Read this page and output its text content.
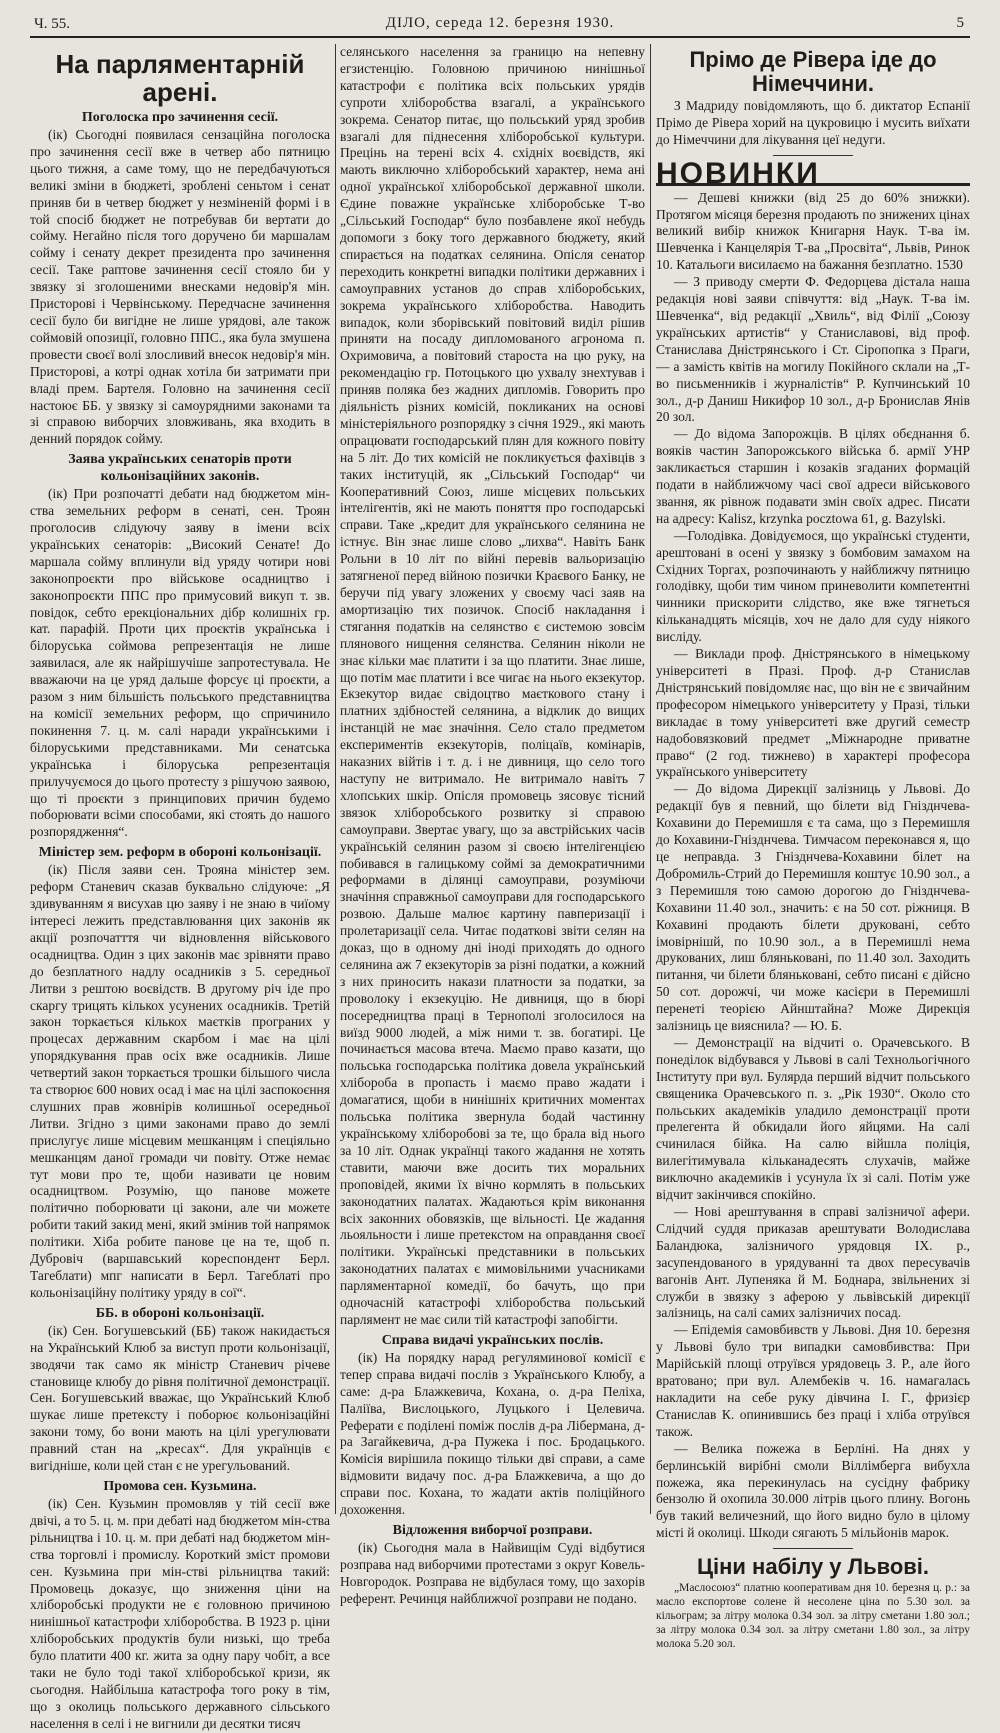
Ч. 55.	ДІЛО, середа 12. березня 1930.	5
На парляментарній арені.
Поголоска про зачинення сесії.

(ік) Сьогодні появилася сензаційна поголоска про зачинення сесії вже в четвер або пятницю цього тижня, а саме тому, що не передбачуються великі зміни в бюджеті, зроблені сеньтом і сенат приняв би в четвер бюджет у незміненій формі і в той спосіб бюджет не потребував би вертати до сойму. Негайно після того доручено би маршалам сойму і сенату декрет президента про зачинення сесії. Таке раптове зачинення сесії стояло би у звязку зі зголошеними внесками недовір'я мін. Присторові і Червінському. Передчасне зачинення сесії було би вигідне не лише урядові, але також соймовій опозиції, головно ППС., яка була змушена провести своєї волі злосливий внесок недовір'я мін. Присторові, а котрі однак хотіла би затримати при владі прем. Бартеля. Головно на зачинення сесії настоює ББ. у звязку зі самоурядними законами та зі справою виборчих зловживань, яка входить в денний порядок сойму.

Заява українських сенаторів проти кольонізаційних законів.

(ік) При розпочатті дебати над бюджетом мін-ства земельних реформ в сенаті, сен. Троян проголосив слідуючу заяву в імени всіх українських сенаторів: „Високий Сенате! До маршала сойму вплинули від уряду чотири нові законопроєкти про військове осадництво і законопроєкти ППС про примусовий викуп т. зв. повідок, себто ерекціональних дібр колишніх гр. кат. парафій. Проти цих проєктів українська і білоруська соймова репрезентація не лише заявилася, але як найрішучіше запротестувала. Не вважаючи на це уряд дальше форсує ці проєкти, а разом з ним більшість польського представництва на комісії земельних реформ, що спричинило покинення 7. ц. м. салі наради українськими і білоруськими представниками. Ми сенатська українська і білоруська репрезентація прилучуємося до цього протесту з рішучою заявою, що ті проєкти з принципових причин будемо поборювати всіми способами, які стоять до нашого розпорядження“.

Міністер зем. реформ в обороні кольонізації.

(ік) Після заяви сен. Трояна міністер зем. реформ Станевич сказав буквально слідуюче: „Я здивуванням я висухав цю заяву і не знаю в чиїому інтересі лежить представлювання цих законів як акції розпочатття чи відновлення військового осадництва. Один з цих законів має зрівняти право до безплатного надлу осадників з 5. середньої Литви з рештою воєвідств. В другому річ іде про скаргу трицять кількох усунених осадників. Третій закон торкається кількох маєтків програних у процесах державним скарбом і має на цілі упорядкування прав осіх вже осадників. Лише четвертий закон торкається трошки більшого числа та створює 600 нових осад і має на цілі заспокоєння слушних прав жовнірів колишньої осередньої Литви. Згідно з цими законами право до землі прислугує лише місцевим мешканцям і спеціяльно мешканцям даної громади чи повіту. Отже немає тут мови про те, щоби називати це новим осадництвом. Розумію, що панове можете політично поборювати ці закони, але чи можете робити такий закид мені, який змінив той напрямок політики. Хіба робите панове це на те, щоб п. Дубровіч (варшавський кореспондент Берл. Тагеблати) мпг написати в Берл. Тагеблаті про кольонізаційну політику уряду в сої“.

ББ. в обороні кольонізації.

(ік) Сен. Богушевський (ББ) також накидається на Український Клюб за виступ проти кольонізації, зводячи так само як міністр Станевич річеве становище клюбу до рівня політичної демонстрації. Сен. Богушевський вважає, що Український Клюб шукає лише претексту і поборює кольонізаційні закони тому, бо вони мають на цілі урегулювати правний стан на „кресах“. Для українців є вигідніше, коли цей стан є не урегульований.

Промова сен. Кузьмина.

(ік) Сен. Кузьмин промовляв у тій сесії вже двічі, а то 5. ц. м. при дебаті над бюджетом мін-ства рільництва і 10. ц. м. при дебаті над бюджетом мін-ства торговлі і промислу. Короткий зміст промови сен. Кузьмина при мін-стві рільництва такий: Промовець доказує, що зниження ціни на хліборобські продукти не є головною причиною нинішньої катастрофи хліборобства. В 1923 р. ціни хліборобських продуктів були низькі, що треба було платити 400 кг. жита за одну пару чобіт, а все таки не було тоді такої хліборобської кризи, як сьогодня. Найбільша катастрофа того року в тім, що з околиць польського державного сільського населення в селі і не вигнили ди десятки тисяч

селянського населення за границю на непевну егзистенцію. Головною причиною нинішньої катастрофи є політика всіх польських урядів супроти хліборобства взагалі, а українського зокрема. Сенатор питає, що польський уряд зробив взагалі для піднесення хліборобської культури. Прецінь на терені всіх 4. східніх воєвідств, які мають виключно хліборобський характер, нема ані одної української хліборобської державної школи. Єдине поважне українське хліборобське Т-во „Сільський Господар“ було позбавлене якої небудь допомоги з боку того державного бюджету, який спирається на податках селянина. Опісля сенатор переходить конкретні випадки політики державних і самоуправних установ до справ хліборобських, зокрема українського хліборобства. Наводить випадок, коли зборівський повітовий виділ рішив приняти на посаду дипломованого агронома п. Охримовича, а повітовий староста на цю руку, на рекомендацію гр. Потоцького цю ухвалу знехтував і приняв поляка без жадних дипломів. Говорить про діяльність різних комісій, покликаних на основі міністеріяльного розпорядку з січня 1929., які мають опрацювати господарський плян для кожного повіту на 5 літ. До тих комісій не покликується фахівців з таких інституцій, як „Сільський Господар“ чи Кооперативний Союз, лише місцевих польських інтелігентів, які не мають поняття про господарські справи. Таке „кредит для українського селянина не істнує. Він знає лише слово „лихва“. Навіть Банк Рольни в 10 літ по війні перевів вальоризацію затягненої перед війною позички Краєвого Банку, не беручи під увагу зложених у своєму часі заяв на амортизацію тих позичок. Спосіб накладання і стягання податків на селянство є системою зовсім плянового нищення селянства. Селянин ніколи не знає кільки має платити і за що платити. Знає лише, що потім має платити і все чигає на нього екзекутор. Екзекутор видає свідоцтво маєткового стану і платних здібностей селянина, а відклик до вищих інстанцій не має значіння. Село стало предметом експериментів екзекуторів, поліцаїв, комінарів, наказних війтів і т. д. і не дивниця, що село того наступу не витримало. Не витримало навіть 7 хлопських шкір. Опісля промовець зясовує тісний звязок хліборобського розвитку зі справою самоуправи. Звертає увагу, що за австрійських часів українській селянин разом зі своєю інтелігенцією побивався в галицькому соймі за демократичними реформами в ділянці самоуправи, розуміючи значіння справжньої самоуправи для господарського розвою. Дальше малює картину павперизації і пролетаризації села. Читає податкові звіти селян на доказ, що в одному дні іноді приходять до одного селянина аж 7 екзекуторів за різні податки, а кожний з них приносить накази платности за податки, за проволоку і екзекуцію. Не дивниця, що в бюрі посередництва праці в Тернополі зголосилося на виїзд 9000 людей, а між ними т. зв. богатирі. Це починається масова втеча. Маємо право казати, що польська господарська політика довела український хлібороба в пропасть і маємо право жадати і домагатися, щоби в нинішніх критичних моментах польська політика звернула бодай частинну українському хліборобові за те, що брала від нього за 10 літ. Однак українці такого жадання не хотять ставити, маючи вже досить тих моральних проповідей, якими їх вічно кормлять в польських законодатних палатах. Жадаються крім виконання всіх законних обовязків, ще вільності. Це жадання льояльности і лише претекстом на оправдання своєї політики. Українські представники в польських законодатних палатах є мимовільними учасниками парляментарної комедії, бо бачуть, що при одночасній катастрофі хліборобства польський парлямент не має сили тій катастрофі запобігти.

Справа видачі українських послів.

(ік) На порядку нарад регуляминової комісії є тепер справа видачі послів з Українського Клюбу, а саме: д-ра Блажкевича, Кохана, о. д-ра Пеліха, Паліїва, Вислоцького, Луцького і Целевича. Реферати є поділені поміж послів д-ра Лібермана, д-ра Загайкевича, д-ра Пужека і пос. Бродацького. Комісія вирішила покищо тільки дві справи, а саме відмовити видачу пос. д-ра Блажкевича, а що до справи пос. Кохана, то жадати актів поліційного дохоження.

Відложення виборчої розправи.

(ік) Сьогодня мала в Найвищім Суді відбутися розправа над виборчими протестами з округ Ковель-Новгородок. Розправа не відбулася тому, що захорів референт. Речинця найближчої розправи не подано.

Прімо де Рівера іде до Німеччини.

З Мадриду повідомляють, що б. диктатор Еспанії Прімо де Рівера хорий на цукровицю і мусить виїхати до Німеччини для лікування цеї недуги.

НОВИНКИ

— Дешеві книжки (від 25 до 60% знижки). Протягом місяця березня продають по знижених цінах великий вибір книжок Книгарня Наук. Т-ва ім. Шевченка і Канцелярія Т-ва „Просвіта“, Львів, Ринок 10. Катальоги висилаємо на бажання безплатно. 1530

— З приводу смерти Ф. Федорцева дістала наша редакція нові заяви співчуття: від „Наук. Т-ва ім. Шевченка“, від редакції „Хвиль“, від Філії „Союзу українських артистів“ у Станиславові, від проф. Станислава Дністрянського і Ст. Сіропопка з Праги, — а замість квітів на могилу Покійного склали на „Т-во письменників і журналістів“ Р. Купчинський 10 зол., д-р Даниш Никифор 10 зол., д-р Бронислав Янів 20 зол.

— До відома Запорожців. В цілях обєднання б. вояків частин Запорожського війська б. армії УНР закликається старшин і козаків згаданих формацій подати в найближчому часі свої адреси військового звання, як рівнож подавати змін своїх адрес. Писати на адресу: Kalisz, krzynka pocztowa 61, g. Bazylski.

—Голодівка. Довідуємося, що українські студенти, арештовані в осені у звязку з бомбовим замахом на Східних Торгах, розпочинають у найближчу пятницю голодівку, щоби тим чином приневолити компетентні чинники прискорити слідство, яке вже тягнеться кільканадцять місяців, хоч не дало для суду ніякого висліду.

— Виклади проф. Дністрянського в німецькому університеті в Празі. Проф. д-р Станислав Дністрянський повідомляє нас, що він не є звичайним професором німецького університету у Празі, тільки викладає в тому університеті вже другий семестр надобовязковий предмет „Міжнародне приватне право“ (2 год. тижнево) в характері професора українського університету

— До відома Дирекції залізниць у Львові. До редакції був я певний, що білети від Гнізднчева-Кохавини до Перемишля є та сама, що з Перемишля до Кохавини-Гнізднчева. Тимчасом переконався я, що це неправда. З Гнізднчева-Кохавини білет на Добромиль-Стрий до Перемишля коштує 10.90 зол., а з Перемишля тою самою дорогою до Гнізднчева-Кохавини 11.40 зол., значить: є на 50 сот. ріжниця. В Кохавині продають білети друковані, себто імовірнішй, по 10.90 зол., а в Перемишлі нема друкованих, лиш бляньковані, по 11.40 зол. Заходить питання, чи білети бляньковані, себто писані є дійсно 50 сот. дорожчі, чи може касієри в Перемишлі перенеті теорією Айнштайна? Може Дирекція залізниць це вияснила? — Ю. Б.

— Демонстрації на відчиті о. Орачевського. В понеділок відбувався у Львові в салі Технольогічного Інституту при вул. Булярда перший відчит польського священика Орачевського п. з. „Рік 1930“. Около сто польських академіків уладило демонстрації проти прелегента й обкидали його яйцями. На салі счинилася бійка. На салю війшла поліція, вилегітимувала кільканадесять слухачів, майже виключно академиків і усунула їх зі салі. Потім уже відчит закінчився спокійно.

— Нові арештування в справі залізничої афери. Слідчий суддя приказав арештувати Володислава Баландюка, залізничого урядовця IX. р., засупендованого в урядуванні та двох пересувачів вагонів Ант. Лупеняка й М. Боднара, звільнених зі служби в звязку з аферою у львівській дирекції залізниць, на салі самих залізничих посад.

— Епідемія самовбивств у Львові. Дня 10. березня у Львові було три випадки самовбивства: При Марійській площі отруївся урядовець З. Р., але його вратовано; при вул. Алембеків ч. 16. намагалась накладити на себе руку дівчина І. Г., фризієр Станислав К. опинившись без праці і хліба отруївся також.

— Велика пожежа в Берліні. На днях у берлинській вирібні смоли Віллімберга вибухла пожежа, яка перекинулась на сусідну фабрику бензолю й охопила 30.000 літрів цього плину. Вогонь був такий величезний, що його видно було в цілому місті й околиці. Шкоди сягають 5 мільйонів марок.

Ціни набілу у Львові.

„Маслосоюз“ платню кооперативам дня 10. березня ц. р.: за масло експортове солене й несолене ціна по 5.30 зол. за кільограм; за літру молока 0.34 зол. за літру сметани 1.80 зол.; за літру молока 0.34 зол. за літру сметани 1.80 зол., за літру молока 5.20 зол.
